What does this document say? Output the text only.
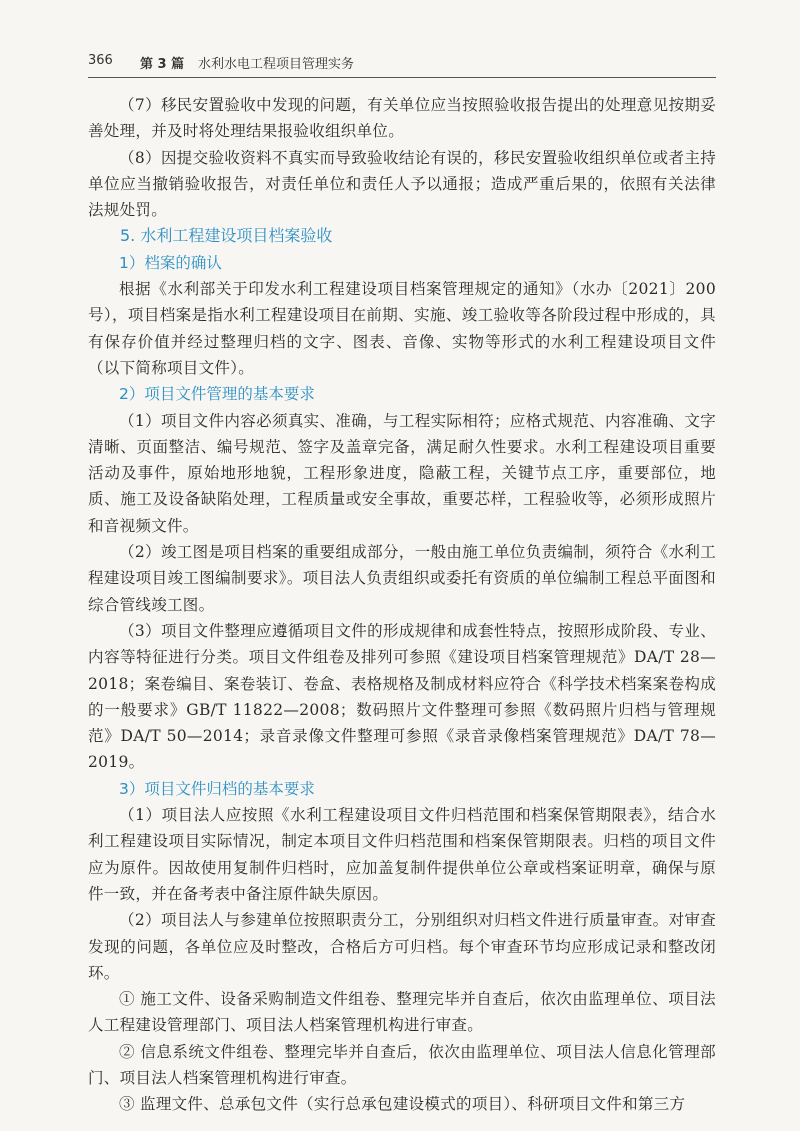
366 第 3 篇 水利水电工程项目管理实务

（7）移民安置验收中发现的问题，有关单位应当按照验收报告提出的处理意见按期妥善处理，并及时将处理结果报验收组织单位。

（8）因提交验收资料不真实而导致验收结论有误的，移民安置验收组织单位或者主持单位应当撤销验收报告，对责任单位和责任人予以通报；造成严重后果的，依照有关法律法规处罚。

5. 水利工程建设项目档案验收

1）档案的确认

根据《水利部关于印发水利工程建设项目档案管理规定的通知》（水办〔2021〕200 号），项目档案是指水利工程建设项目在前期、实施、竣工验收等各阶段过程中形成的，具有保存价值并经过整理归档的文字、图表、音像、实物等形式的水利工程建设项目文件（以下简称项目文件）。

2）项目文件管理的基本要求

（1）项目文件内容必须真实、准确，与工程实际相符；应格式规范、内容准确、文字清晰、页面整洁、编号规范、签字及盖章完备，满足耐久性要求。水利工程建设项目重要活动及事件，原始地形地貌，工程形象进度，隐蔽工程，关键节点工序，重要部位，地质、施工及设备缺陷处理，工程质量或安全事故，重要芯样，工程验收等，必须形成照片和音视频文件。

（2）竣工图是项目档案的重要组成部分，一般由施工单位负责编制，须符合《水利工程建设项目竣工图编制要求》。项目法人负责组织或委托有资质的单位编制工程总平面图和综合管线竣工图。

（3）项目文件整理应遵循项目文件的形成规律和成套性特点，按照形成阶段、专业、内容等特征进行分类。项目文件组卷及排列可参照《建设项目档案管理规范》DA/T 28—2018；案卷编目、案卷装订、卷盒、表格规格及制成材料应符合《科学技术档案案卷构成的一般要求》GB/T 11822—2008；数码照片文件整理可参照《数码照片归档与管理规范》DA/T 50—2014；录音录像文件整理可参照《录音录像档案管理规范》DA/T 78—2019。

3）项目文件归档的基本要求

（1）项目法人应按照《水利工程建设项目文件归档范围和档案保管期限表》，结合水利工程建设项目实际情况，制定本项目文件归档范围和档案保管期限表。归档的项目文件应为原件。因故使用复制件归档时，应加盖复制件提供单位公章或档案证明章，确保与原件一致，并在备考表中备注原件缺失原因。

（2）项目法人与参建单位按照职责分工，分别组织对归档文件进行质量审查。对审查发现的问题，各单位应及时整改，合格后方可归档。每个审查环节均应形成记录和整改闭环。

① 施工文件、设备采购制造文件组卷、整理完毕并自查后，依次由监理单位、项目法人工程建设管理部门、项目法人档案管理机构进行审查。

② 信息系统文件组卷、整理完毕并自查后，依次由监理单位、项目法人信息化管理部门、项目法人档案管理机构进行审查。

③ 监理文件、总承包文件（实行总承包建设模式的项目）、科研项目文件和第三方
